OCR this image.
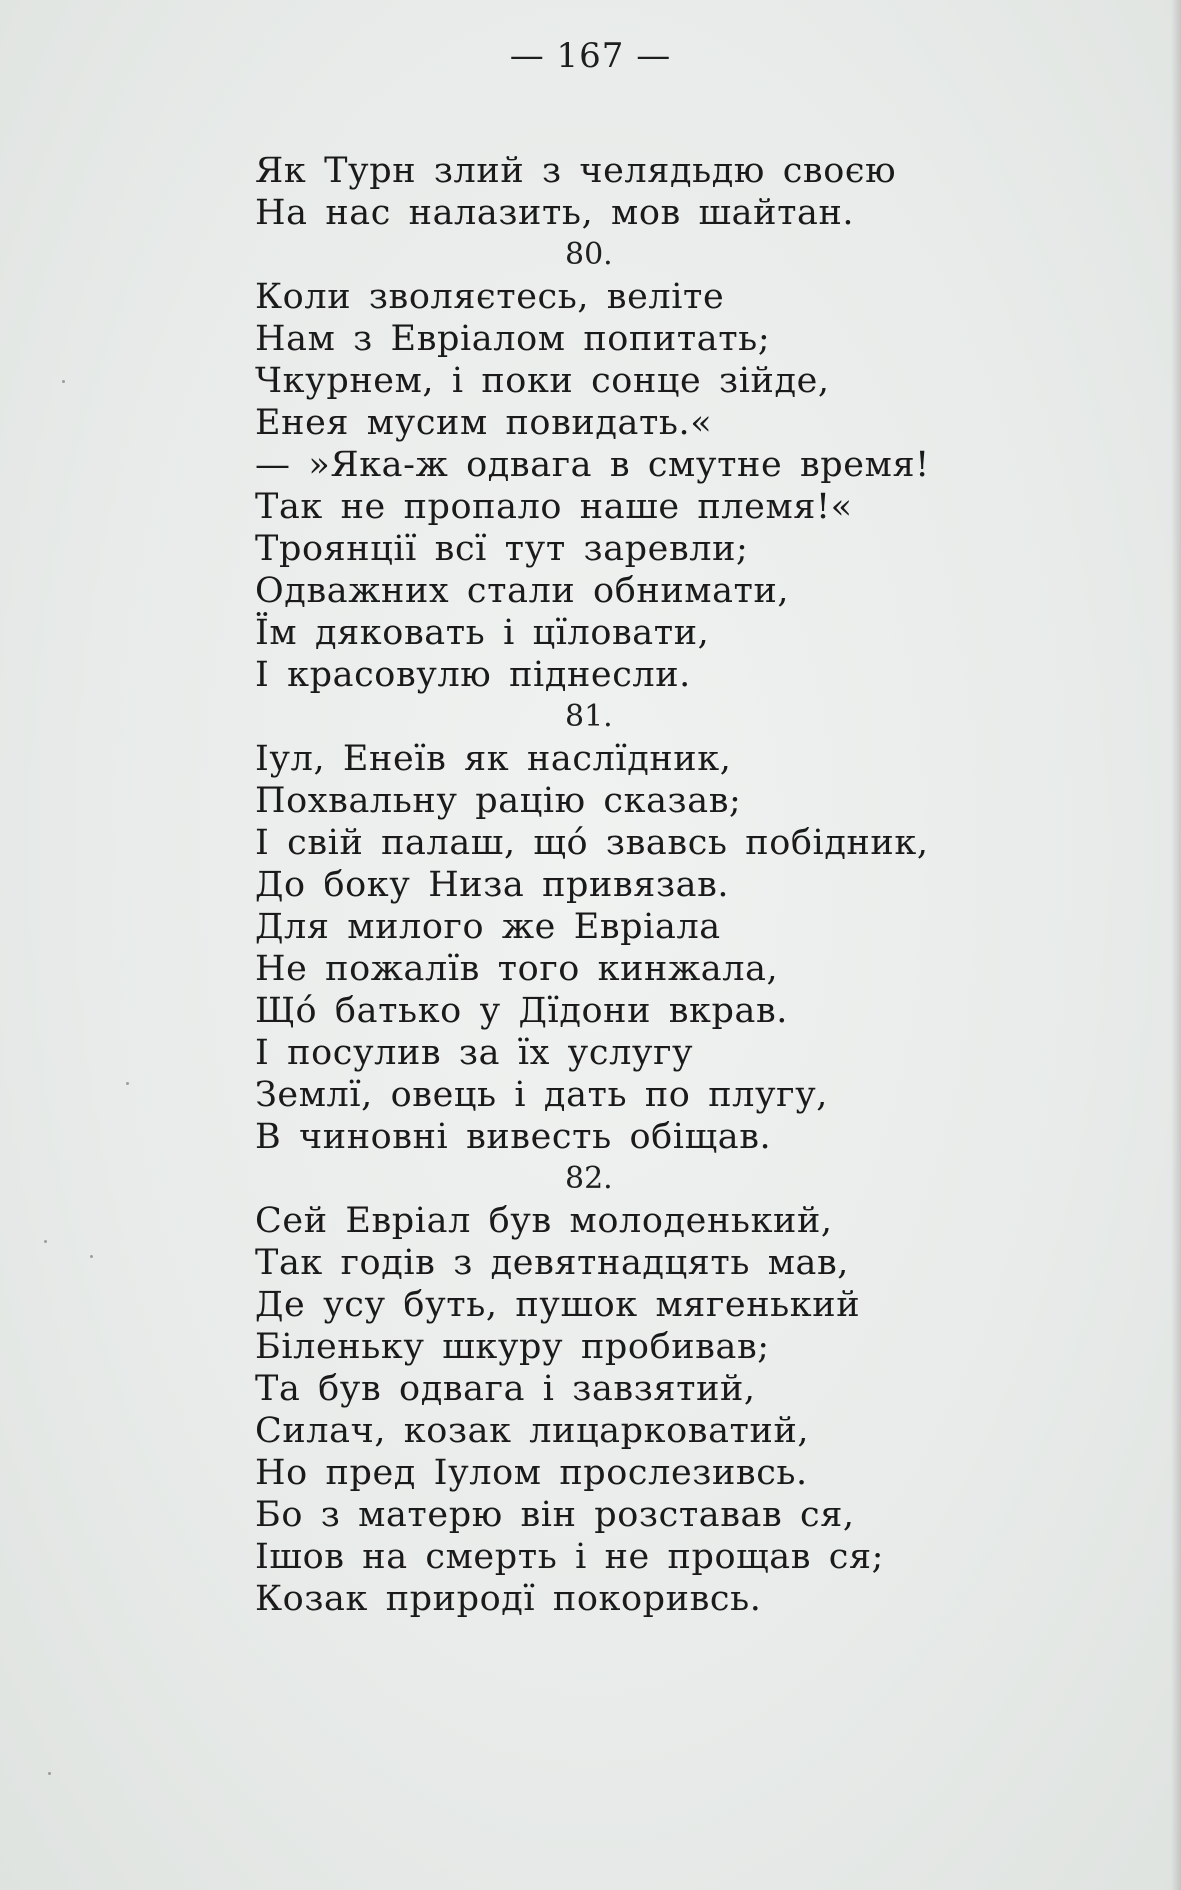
— 167 —
Як Турн злий з челядьдю своєю
На нас налазить, мов шайтан.
80.
Коли зволяєтесь, веліте
Нам з Евріалом попитать;
Чкурнем, і поки сонце зійде,
Енея мусим повидать.«
— »Яка-ж одвага в смутне время!
Так не пропало наше плeмя!«
Троянції всї тут заревли;
Одважних стали обнимати,
Їм дяковать і цїловати,
І красовулю піднесли.
81.
Іул, Енеїв як наслїдник,
Похвальну рацію сказав;
І свій палаш, щó звавсь побідник,
До боку Низа привязав.
Для милого же Евріала
Не пожалїв того кинжала,
Щó батько у Дїдони вкрав.
І посулив за їх услугу
Землї, овець і дать по плугу,
В чиновні вивесть обіщав.
82.
Сей Евріал був молоденький,
Так годів з девятнадцять мав,
Де усу буть, пушок мягенький
Біленьку шкуру пробивав;
Та був одвага і завзятий,
Силач, козак лицарковатий,
Но пред Іулом прослезивсь.
Бо з матерю він розставав ся,
Ішов на смерть і не прощав ся;
Козак природї покоривсь.
